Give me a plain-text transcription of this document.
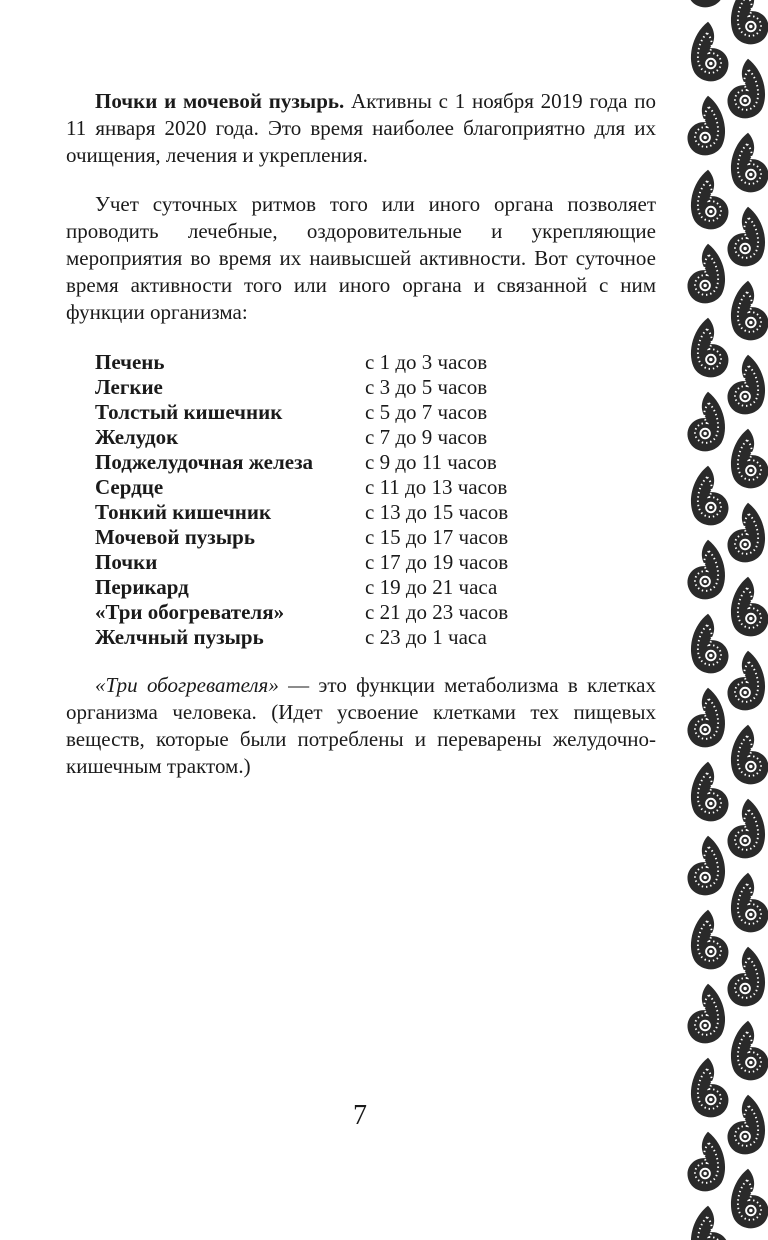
Почки и мочевой пузырь. Активны с 1 ноября 2019 года по 11 января 2020 года. Это время наиболее благоприятно для их очищения, лечения и укрепления.

Учет суточных ритмов того или иного органа позволяет проводить лечебные, оздоровительные и укрепляющие мероприятия во время их наивысшей активности. Вот суточное время активности того или иного органа и связанной с ним функции организма:

Печень	с 1 до 3 часов
Легкие	с 3 до 5 часов
Толстый кишечник	с 5 до 7 часов
Желудок	с 7 до 9 часов
Поджелудочная железа	с 9 до 11 часов
Сердце	с 11 до 13 часов
Тонкий кишечник	с 13 до 15 часов
Мочевой пузырь	с 15 до 17 часов
Почки	с 17 до 19 часов
Перикард	с 19 до 21 часа
«Три обогревателя»	с 21 до 23 часов
Желчный пузырь	с 23 до 1 часа

«Три обогревателя» — это функции метаболизма в клетках организма человека. (Идет усвоение клетками тех пищевых веществ, которые были потреблены и переварены желудочно-кишечным трактом.)

7
